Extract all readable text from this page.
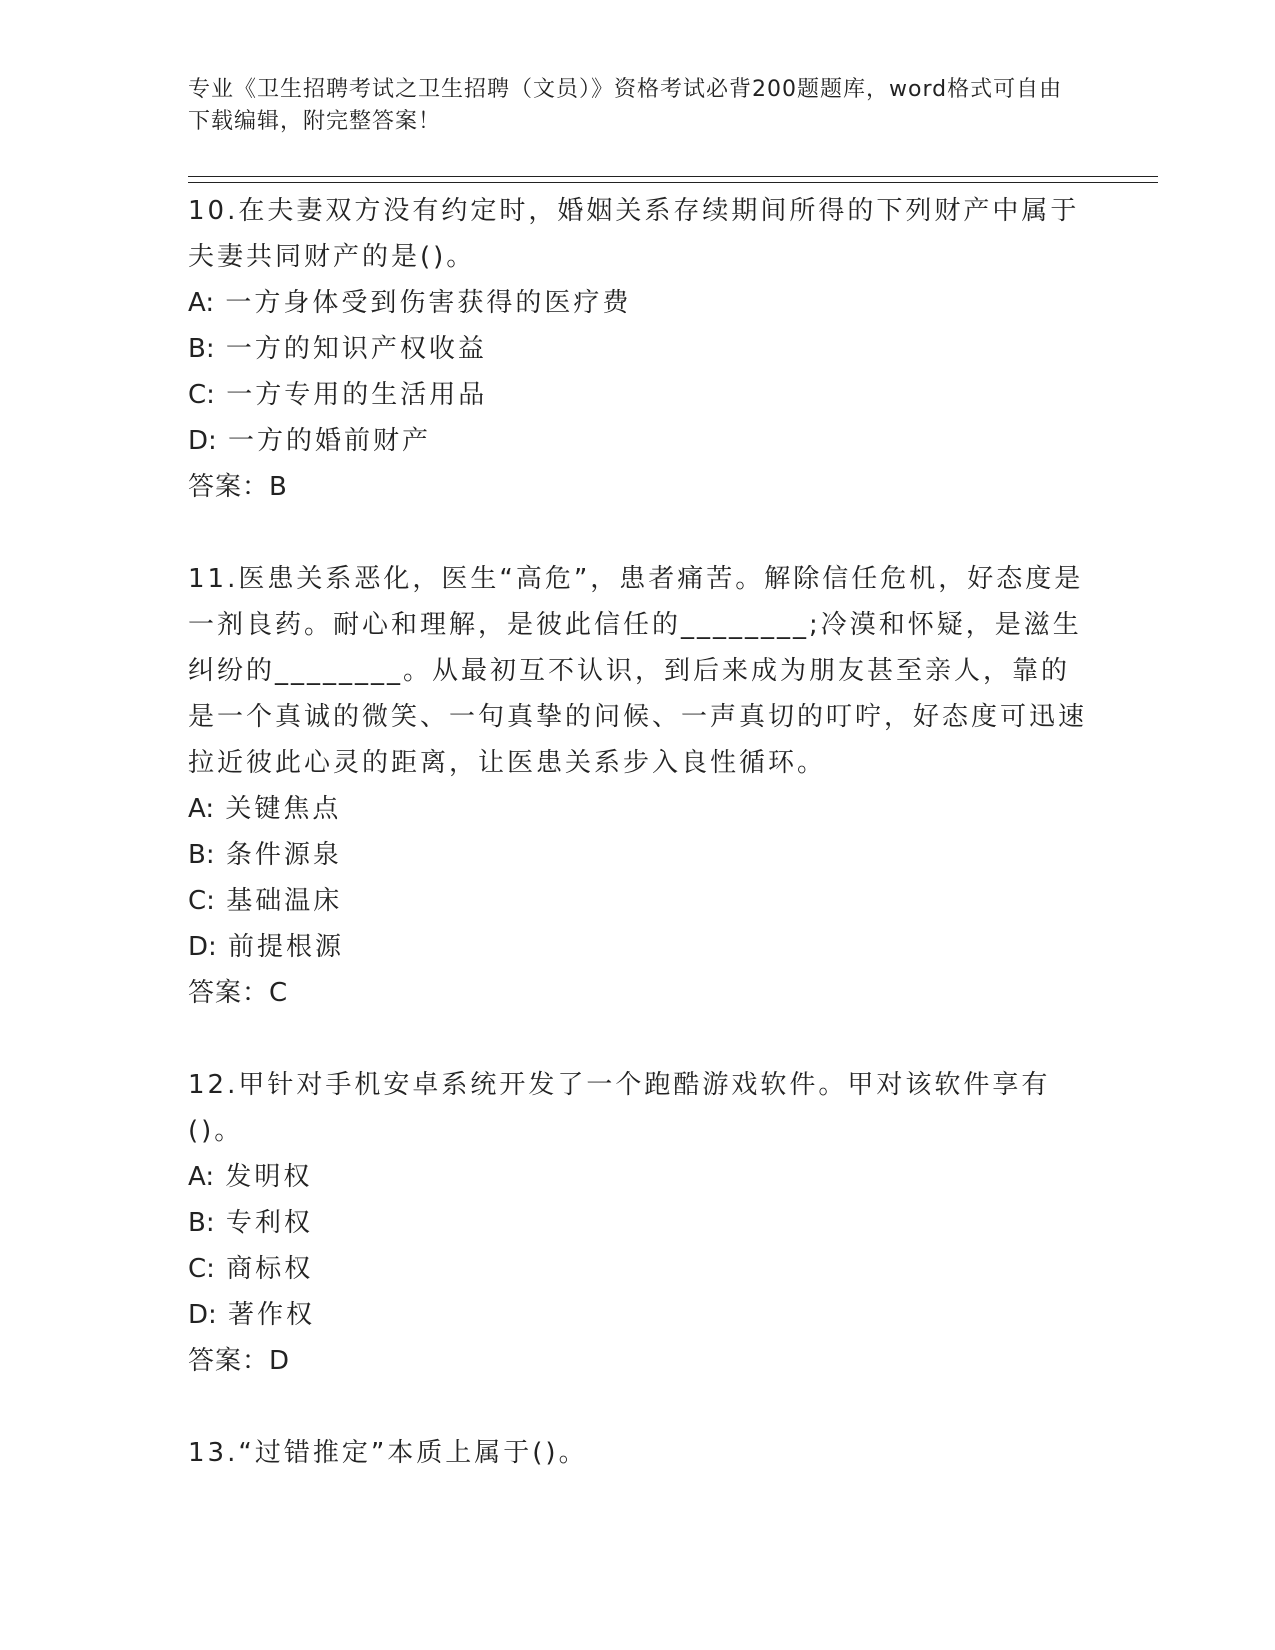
专业《卫生招聘考试之卫生招聘（文员）》资格考试必背200题题库，word格式可自由下载编辑，附完整答案！

10.在夫妻双方没有约定时，婚姻关系存续期间所得的下列财产中属于夫妻共同财产的是()。

A: 一方身体受到伤害获得的医疗费

B: 一方的知识产权收益

C: 一方专用的生活用品

D: 一方的婚前财产

答案：B

11.医患关系恶化，医生“高危”，患者痛苦。解除信任危机，好态度是一剂良药。耐心和理解，是彼此信任的________;冷漠和怀疑，是滋生纠纷的________。从最初互不认识，到后来成为朋友甚至亲人，靠的是一个真诚的微笑、一句真挚的问候、一声真切的叮咛，好态度可迅速拉近彼此心灵的距离，让医患关系步入良性循环。

A: 关键焦点

B: 条件源泉

C: 基础温床

D: 前提根源

答案：C

12.甲针对手机安卓系统开发了一个跑酷游戏软件。甲对该软件享有()。

A: 发明权

B: 专利权

C: 商标权

D: 著作权

答案：D

13.“过错推定”本质上属于()。
